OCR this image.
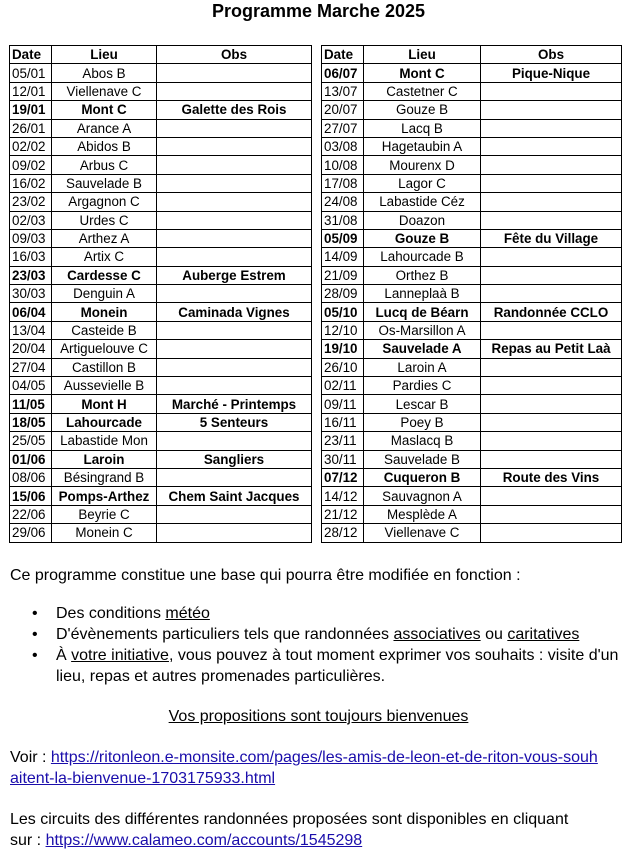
Programme Marche 2025
Date	Lieu	Obs
05/01	Abos B	
12/01	Viellenave C	
19/01	Mont C	Galette des Rois
26/01	Arance A	
02/02	Abidos B	
09/02	Arbus C	
16/02	Sauvelade B	
23/02	Argagnon C	
02/03	Urdes C	
09/03	Arthez A	
16/03	Artix C	
23/03	Cardesse C	Auberge Estrem
30/03	Denguin A	
06/04	Monein	Caminada Vignes
13/04	Casteide B	
20/04	Artiguelouve C	
27/04	Castillon B	
04/05	Aussevielle B	
11/05	Mont H	Marché - Printemps
18/05	Lahourcade	5 Senteurs
25/05	Labastide Mon	
01/06	Laroin	Sangliers
08/06	Bésingrand B	
15/06	Pomps-Arthez	Chem Saint Jacques
22/06	Beyrie C	
29/06	Monein C	
Date	Lieu	Obs
06/07	Mont C	Pique-Nique
13/07	Castetner C	
20/07	Gouze B	
27/07	Lacq B	
03/08	Hagetaubin A	
10/08	Mourenx D	
17/08	Lagor C	
24/08	Labastide Céz	
31/08	Doazon	
05/09	Gouze B	Fête du Village
14/09	Lahourcade B	
21/09	Orthez B	
28/09	Lanneplaà B	
05/10	Lucq de Béarn	Randonnée CCLO
12/10	Os-Marsillon A	
19/10	Sauvelade A	Repas au Petit Laà
26/10	Laroin A	
02/11	Pardies C	
09/11	Lescar B	
16/11	Poey B	
23/11	Maslacq B	
30/11	Sauvelade B	
07/12	Cuqueron B	Route des Vins
14/12	Sauvagnon A	
21/12	Mesplède A	
28/12	Viellenave C	
Ce programme constitue une base qui pourra être modifiée en fonction :
• Des conditions météo
• D'évènements particuliers tels que randonnées associatives ou caritatives
• À votre initiative, vous pouvez à tout moment exprimer vos souhaits : visite d'un lieu, repas et autres promenades particulières.
Vos propositions sont toujours bienvenues
Voir : https://ritonleon.e-monsite.com/pages/les-amis-de-leon-et-de-riton-vous-souhaitent-la-bienvenue-1703175933.html
Les circuits des différentes randonnées proposées sont disponibles en cliquant sur : https://www.calameo.com/accounts/1545298
